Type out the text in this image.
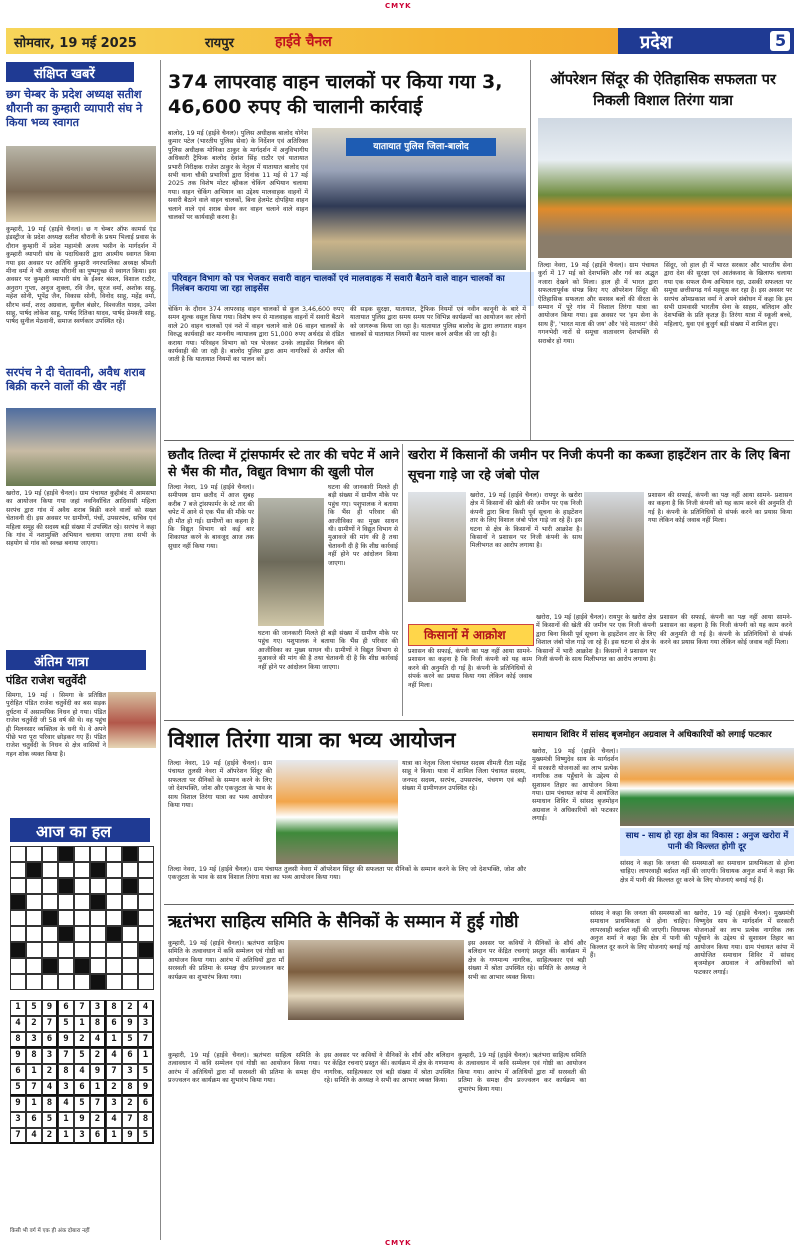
CMYK
CMYK
सोमवार, 19 मई 2025	रायपुर	हाईवे चैनल	प्रदेश	5
संक्षिप्त खबरें
छग चेम्बर के प्रदेश अध्यक्ष सतीश थौरानी का कुम्हारी व्यापारी संघ ने किया भव्य स्वागत
कुम्हारी, 19 मई (हाईवे चैनल)। छ ग चेम्बर ऑफ कामर्स एंड इंडस्ट्रीज के प्रदेश अध्यक्ष सतीश थौरानी के प्रथम भिलाई प्रवास के दौरान कुम्हारी में प्रदेश महामंत्री अजय भसीन के मार्गदर्शन में कुम्हारी व्यापारी संघ के पदाधिकारी द्वारा आत्मीय स्वागत किया गया इस अवसर पर अतिथि कुम्हारी नगरपालिका अध्यक्ष श्रीमती मीना वर्मा ने भी अध्यक्ष थौरानी का पुष्पगुच्छ से स्वागत किया। इस अवसर पर कुम्हारी व्यापारी संघ के ईश्वर बंसल, विशाल राठौर, अनुराग गुप्ता, अनुज शुक्ला, रवि जैन, सूरज वर्मा, अशोक साहू, महेश सोनी, भूपेंद्र जैन, विकास सोनी, विनोद साहू, महेंद्र वर्मा, सौरभ वर्मा, शरद अग्रवाल, सुनील बंछोर, विश्वजीत यादव, उमेश साहू, पार्षद लोकेश साहू, पार्षद रितिका यादव, पार्षद प्रेमवती साहू, पार्षद सुनील मेठवानी, समाज स्वर्णकार उपस्थित रहे।
सरपंच ने दी चेतावनी, अवैध शराब बिक्री करने वालों की खैर नहीं
खरोरा, 19 मई (हाईवे चैनल)। ग्राम पंचायत कुहीबंद में आमसभा का आयोजन किया गया जहां नवनिर्वाचित आदिवासी महिला सरपंच द्वारा गांव में अवैध शराब बिक्री करने वालों को सख्त चेतावनी दी। इस अवसर पर ग्रामीणों, पंचों, उपसरपंच, सचिव एवं महिला समूह की सदस्य बड़ी संख्या में उपस्थित रहे। सरपंच ने कहा कि गांव में नशामुक्ति अभियान चलाया जाएगा तथा सभी के सहयोग से गांव को स्वच्छ बनाया जाएगा।
अंतिम यात्रा
पंडित राजेश चतुर्वेदी
सिमगा, 19 मई । सिमगा के प्रतिष्ठित पुरोहित पंडित राजेश चतुर्वेदी का बस सड़क दुर्घटना में असामयिक निधन हो गया। पंडित राजेश चतुर्वेदी जी 58 वर्ष की थे। वह पहुंच ही मिलनसार व्यक्तित्व के धनी थे। वे अपने पीछे भरा पूरा परिवार छोड़कर गए हैं। पंडित राजेश चतुर्वेदी के निधन से क्षेत्र वासियों ने गहन शोक व्यक्त किया है।
आज का हल
1	5	9	6	7	3	8	2	4
4	2	7	5	1	8	6	9	3
8	3	6	9	2	4	1	5	7
9	8	3	7	5	2	4	6	1
6	1	2	8	4	9	7	3	5
5	7	4	3	6	1	2	8	9
9	1	8	4	5	7	3	2	6
3	6	5	1	9	2	4	7	8
7	4	2	1	3	6	1	9	5
किसी भी वर्ग में एक ही अंक दोबारा नहीं
374 लापरवाह वाहन चालकों पर किया गया 3, 46,600 रुपए की चालानी कार्रवाई
यातायात पुलिस जिला-बालोद
परिवहन विभाग को पत्र भेजकर सवारी वाहन चालकों एवं मालवाहक में सवारी बैठाने वाले वाहन चालकों का निलंबन कराया जा रहा लाइसेंस
बालोद, 19 मई (हाईवे चैनल)। पुलिस अधीक्षक बालोद योगेश कुमार पटेल (भारतीय पुलिस सेवा) के निर्देशन एवं अतिरिक्त पुलिस अधीक्षक मोनिका ठाकुर के मार्गदर्शन में अनुविभागीय अधिकारी ट्रैफिक बालोद देवांश सिंह राठौर एवं यातायात प्रभारी निरीक्षक राजेश ठाकुर के नेतृत्व में यातायात बालोद एवं सभी थाना चौकी प्रभारियों द्वारा दिनांक 11 मई से 17 मई 2025 तक विशेष मोटर व्हीकल चेकिंग अभियान चलाया गया। वाहन चेकिंग अभियान का उद्देश्य मालवाहक वाहनों में सवारी बैठाने वाले वाहन चालकों, बिना हेलमेट दोपहिया वाहन चलाने वाले एवं शराब सेवन कर वाहन चलाने वाले वाहन चालकों पर कार्यवाही करना है।
चेकिंग के दौरान 374 लापरवाह वाहन चालकों से कुल 3,46,600 रुपए समन शुल्क वसूल किया गया। विशेष रूप से मालवाहक वाहनों में सवारी बैठाने वाले 20 वाहन चालकों एवं नशे में वाहन चलाने वाले 06 वाहन चालकों के विरुद्ध कार्यवाही कर माननीय न्यायालय द्वारा 51,000 रुपए अर्थदंड से दंडित कराया गया। परिवहन विभाग को पत्र भेजकर उनके लाइसेंस निलंबन की कार्यवाही की जा रही है। बालोद पुलिस द्वारा आम नागरिकों से अपील की जाती है कि यातायात नियमों का पालन करें।
की सड़क सुरक्षा, यातायात, ट्रैफिक नियमों एवं नवीन कानूनी के बारे में यातायात पुलिस द्वारा समय समय पर विभिन्न कार्यक्रमों का आयोजन कर लोगों को जागरूक किया जा रहा है। यातायात पुलिस बालोद के द्वारा लगातार वाहन चालकों से यातायात नियमों का पालन करने अपील की जा रही है।
ऑपरेशन सिंदूर की ऐतिहासिक सफलता पर निकली विशाल तिरंगा यात्रा
तिल्दा नेवरा, 19 मई (हाईवे चैनल)। ग्राम पंचायत कुर्रा में 17 मई को देशभक्ति और गर्व का अद्भुत नजारा देखने को मिला। हाल ही में भारत द्वारा सफलतापूर्वक संपन्न किए गए ऑपरेशन सिंदूर की ऐतिहासिक सफलता और सशस्त्र बलों की वीरता के सम्मान में पूरे गांव में विशाल तिरंगा यात्रा का आयोजन किया गया। इस अवसर पर 'हम सेना के साथ हैं', 'भारत माता की जय' और 'वंदे मातरम' जैसे गगनभेदी नारों से समूचा वातावरण देशभक्ति से सराबोर हो गया।
सिंदूर, जो हाल ही में भारत सरकार और भारतीय सेना द्वारा देश की सुरक्षा एवं आतंकवाद के खिलाफ चलाया गया एक सफल सैन्य अभियान रहा, उसकी सफलता पर समूचा छत्तीसगढ़ गर्व महसूस कर रहा है। इस अवसर पर सरपंच ओमप्रकाश वर्मा ने अपने संबोधन में कहा कि हम सभी ग्रामवासी भारतीय सेना के साहस, बलिदान और देशभक्ति के प्रति कृतज्ञ हैं। तिरंगा यात्रा में स्कूली बच्चे, महिलाएं, युवा एवं बुजुर्ग बड़ी संख्या में शामिल हुए।
छतौद तिल्दा में ट्रांसफार्मर स्टे तार की चपेट में आने से भैंस की मौत, विद्युत विभाग की खुली पोल
तिल्दा नेवरा, 19 मई (हाईवे चैनल)। समीपस्थ ग्राम छतौद में आज सुबह करीब 7 बजे ट्रांसफार्मर के स्टे तार की चपेट में आने से एक भैंस की मौके पर ही मौत हो गई। ग्रामीणों का कहना है कि विद्युत विभाग को कई बार शिकायत करने के बावजूद आज तक सुधार नहीं किया गया।
घटना की जानकारी मिलते ही बड़ी संख्या में ग्रामीण मौके पर पहुंच गए। पशुपालक ने बताया कि भैंस ही परिवार की आजीविका का मुख्य साधन थी। ग्रामीणों ने विद्युत विभाग से मुआवजे की मांग की है तथा चेतावनी दी है कि शीघ्र कार्रवाई नहीं होने पर आंदोलन किया जाएगा।
घटना की जानकारी मिलते ही बड़ी संख्या में ग्रामीण मौके पर पहुंच गए। पशुपालक ने बताया कि भैंस ही परिवार की आजीविका का मुख्य साधन थी। ग्रामीणों ने विद्युत विभाग से मुआवजे की मांग की है तथा चेतावनी दी है कि शीघ्र कार्रवाई नहीं होने पर आंदोलन किया जाएगा।
खरोरा में किसानों की जमीन पर निजी कंपनी का कब्जा हाइटेंशन तार के लिए बिना सूचना गाड़े जा रहे जंबो पोल
खरोरा, 19 मई (हाईवे चैनल)। रायपुर के खरोरा क्षेत्र में किसानों की खेती की जमीन पर एक निजी कंपनी द्वारा बिना किसी पूर्व सूचना के हाइटेंशन तार के लिए विशाल जंबो पोल गाड़े जा रहे हैं। इस घटना से क्षेत्र के किसानों में भारी आक्रोश है। किसानों ने प्रशासन पर निजी कंपनी के साथ मिलीभगत का आरोप लगाया है।
प्रशासन की सफाई, कंपनी का पक्ष नहीं आया सामने- प्रशासन का कहना है कि निजी कंपनी को यह काम करने की अनुमति दी गई है। कंपनी के प्रतिनिधियों से संपर्क करने का प्रयास किया गया लेकिन कोई जवाब नहीं मिला।
किसानों में आक्रोश
प्रशासन की सफाई, कंपनी का पक्ष नहीं आया सामने- प्रशासन का कहना है कि निजी कंपनी को यह काम करने की अनुमति दी गई है। कंपनी के प्रतिनिधियों से संपर्क करने का प्रयास किया गया लेकिन कोई जवाब नहीं मिला।
खरोरा, 19 मई (हाईवे चैनल)। रायपुर के खरोरा क्षेत्र में किसानों की खेती की जमीन पर एक निजी कंपनी द्वारा बिना किसी पूर्व सूचना के हाइटेंशन तार के लिए विशाल जंबो पोल गाड़े जा रहे हैं। इस घटना से क्षेत्र के किसानों में भारी आक्रोश है। किसानों ने प्रशासन पर निजी कंपनी के साथ मिलीभगत का आरोप लगाया है।
प्रशासन की सफाई, कंपनी का पक्ष नहीं आया सामने- प्रशासन का कहना है कि निजी कंपनी को यह काम करने की अनुमति दी गई है। कंपनी के प्रतिनिधियों से संपर्क करने का प्रयास किया गया लेकिन कोई जवाब नहीं मिला।
विशाल तिरंगा यात्रा का भव्य आयोजन
तिल्दा नेवरा, 19 मई (हाईवे चैनल)। ग्राम पंचायत तुलसी नेवरा में ऑपरेशन सिंदूर की सफलता पर सैनिकों के सम्मान करने के लिए जो देशभक्ति, जोश और एकजुटता के भाव के साथ विशाल तिरंगा यात्रा का भव्य आयोजन किया गया।
यात्रा का नेतृत्व जिला पंचायत सदस्य शीमती रीता महेंद्र साहू ने किया। यात्रा में शामिल जिला पंचायत सदस्य, जनपद सदस्य, सरपंच, उपसरपंच, पंचगण एवं बड़ी संख्या में ग्रामीणजन उपस्थित रहे।
तिल्दा नेवरा, 19 मई (हाईवे चैनल)। ग्राम पंचायत तुलसी नेवरा में ऑपरेशन सिंदूर की सफलता पर सैनिकों के सम्मान करने के लिए जो देशभक्ति, जोश और एकजुटता के भाव के साथ विशाल तिरंगा यात्रा का भव्य आयोजन किया गया।
समाधान शिविर में सांसद बृजमोहन अग्रवाल ने अधिकारियों को लगाई फटकार
खरोरा, 19 मई (हाईवे चैनल)। मुख्यमंत्री विष्णुदेव साय के मार्गदर्शन में सरकारी योजनाओं का लाभ प्रत्येक नागरिक तक पहुँचाने के उद्देश्य से सुशासन तिहार का आयोजन किया गया। ग्राम पंचायत कांपा में आयोजित समाधान शिविर में सांसद बृजमोहन अग्रवाल ने अधिकारियों को फटकार लगाई।
साथ - साथ हो रहा क्षेत्र का विकास : अनुज खरोरा में पानी की किल्लत होगी दूर
सांसद ने कहा कि जनता की समस्याओं का समाधान प्राथमिकता से होना चाहिए। लापरवाही बर्दाश्त नहीं की जाएगी। विधायक अनुज शर्मा ने कहा कि क्षेत्र में पानी की किल्लत दूर करने के लिए योजनाएं बनाई गई हैं।
ऋतंभरा साहित्य समिति के सैनिकों के सम्मान में हुई गोष्ठी
कुम्हारी, 19 मई (हाईवे चैनल)। ऋतंभरा साहित्य समिति के तत्वावधान में कवि सम्मेलन एवं गोष्ठी का आयोजन किया गया। आरंभ में अतिथियों द्वारा माँ सरस्वती की प्रतिमा के समक्ष दीप प्रज्ज्वलन कर कार्यक्रम का शुभारंभ किया गया।
इस अवसर पर कवियों ने सैनिकों के शौर्य और बलिदान पर केंद्रित रचनाएं प्रस्तुत कीं। कार्यक्रम में क्षेत्र के गणमान्य नागरिक, साहित्यकार एवं बड़ी संख्या में श्रोता उपस्थित रहे। समिति के अध्यक्ष ने सभी का आभार व्यक्त किया।
कुम्हारी, 19 मई (हाईवे चैनल)। ऋतंभरा साहित्य समिति के तत्वावधान में कवि सम्मेलन एवं गोष्ठी का आयोजन किया गया। आरंभ में अतिथियों द्वारा माँ सरस्वती की प्रतिमा के समक्ष दीप प्रज्ज्वलन कर कार्यक्रम का शुभारंभ किया गया।
इस अवसर पर कवियों ने सैनिकों के शौर्य और बलिदान पर केंद्रित रचनाएं प्रस्तुत कीं। कार्यक्रम में क्षेत्र के गणमान्य नागरिक, साहित्यकार एवं बड़ी संख्या में श्रोता उपस्थित रहे। समिति के अध्यक्ष ने सभी का आभार व्यक्त किया।
कुम्हारी, 19 मई (हाईवे चैनल)। ऋतंभरा साहित्य समिति के तत्वावधान में कवि सम्मेलन एवं गोष्ठी का आयोजन किया गया। आरंभ में अतिथियों द्वारा माँ सरस्वती की प्रतिमा के समक्ष दीप प्रज्ज्वलन कर कार्यक्रम का शुभारंभ किया गया।
सांसद ने कहा कि जनता की समस्याओं का समाधान प्राथमिकता से होना चाहिए। लापरवाही बर्दाश्त नहीं की जाएगी। विधायक अनुज शर्मा ने कहा कि क्षेत्र में पानी की किल्लत दूर करने के लिए योजनाएं बनाई गई हैं।
खरोरा, 19 मई (हाईवे चैनल)। मुख्यमंत्री विष्णुदेव साय के मार्गदर्शन में सरकारी योजनाओं का लाभ प्रत्येक नागरिक तक पहुँचाने के उद्देश्य से सुशासन तिहार का आयोजन किया गया। ग्राम पंचायत कांपा में आयोजित समाधान शिविर में सांसद बृजमोहन अग्रवाल ने अधिकारियों को फटकार लगाई।
